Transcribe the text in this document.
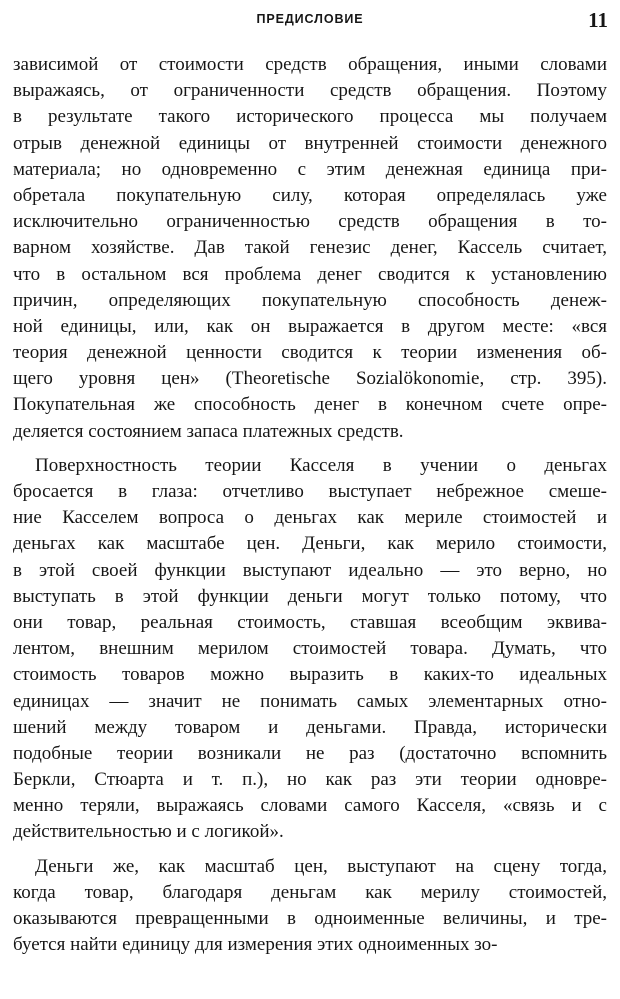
ПРЕДИСЛОВИЕ	11

зависимой от стоимости средств обращения, иными словами
выражаясь, от ограниченности средств обращения. Поэтому
в результате такого исторического процесса мы получаем
отрыв денежной единицы от внутренней стоимости денежного
материала; но одновременно с этим денежная единица при-
обретала покупательную силу, которая определялась уже
исключительно ограниченностью средств обращения в то-
варном хозяйстве. Дав такой генезис денег, Кассель считает,
что в остальном вся проблема денег сводится к установлению
причин, определяющих покупательную способность денеж-
ной единицы, или, как он выражается в другом месте: «вся
теория денежной ценности сводится к теории изменения об-
щего уровня цен» (Theoretische Sozialökonomie, стр. 395).
Покупательная же способность денег в конечном счете опре-
деляется состоянием запаса платежных средств.

Поверхностность теории Касселя в учении о деньгах
бросается в глаза: отчетливо выступает небрежное смеше-
ние Касселем вопроса о деньгах как мериле стоимостей и
деньгах как масштабе цен. Деньги, как мерило стоимости,
в этой своей функции выступают идеально — это верно, но
выступать в этой функции деньги могут только потому, что
они товар, реальная стоимость, ставшая всеобщим эквива-
лентом, внешним мерилом стоимостей товара. Думать, что
стоимость товаров можно выразить в каких-то идеальных
единицах — значит не понимать самых элементарных отно-
шений между товаром и деньгами. Правда, исторически
подобные теории возникали не раз (достаточно вспомнить
Беркли, Стюарта и т. п.), но как раз эти теории одновре-
менно теряли, выражаясь словами самого Касселя, «связь и с
действительностью и с логикой».

Деньги же, как масштаб цен, выступают на сцену тогда,
когда товар, благодаря деньгам как мерилу стоимостей,
оказываются превращенными в одноименные величины, и тре-
буется найти единицу для измерения этих одноименных зо-
